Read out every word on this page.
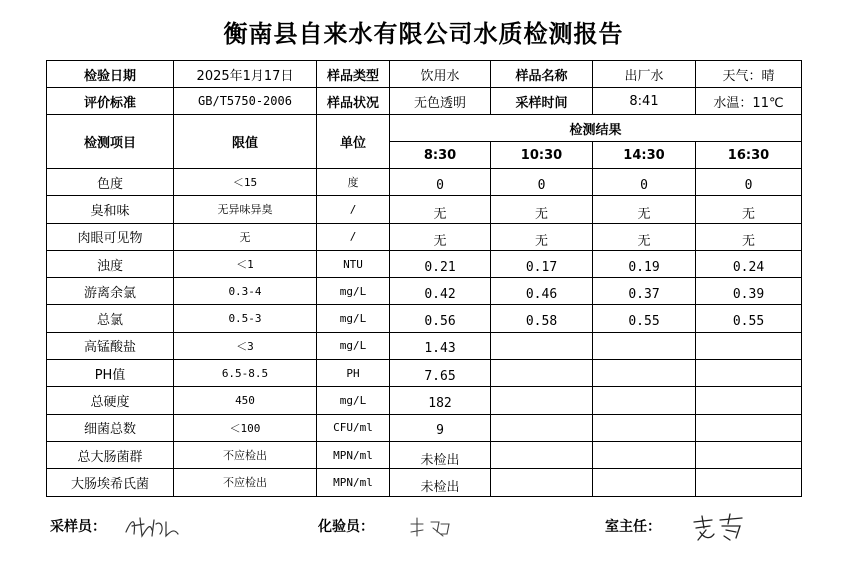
衡南县自来水有限公司水质检测报告
检验日期	2025年1月17日	样品类型	饮用水	样品名称	出厂水	天气：晴
评价标准	GB/T5750-2006	样品状况	无色透明	采样时间	8:41	水温：11℃
检测项目	限值	单位	检测结果			
			8:30	10:30	14:30	16:30
色度	＜15	度	0	0	0	0
臭和味	无异味异臭	/	无	无	无	无
肉眼可见物	无	/	无	无	无	无
浊度	＜1	NTU	0.21	0.17	0.19	0.24
游离余氯	0.3-4	mg/L	0.42	0.46	0.37	0.39
总氯	0.5-3	mg/L	0.56	0.58	0.55	0.55
高锰酸盐	＜3	mg/L	1.43			
PH值	6.5-8.5	PH	7.65			
总硬度	450	mg/L	182			
细菌总数	＜100	CFU/ml	9			
总大肠菌群	不应检出	MPN/ml	未检出			
大肠埃希氏菌	不应检出	MPN/ml	未检出			
采样员：	化验员：	室主任：
